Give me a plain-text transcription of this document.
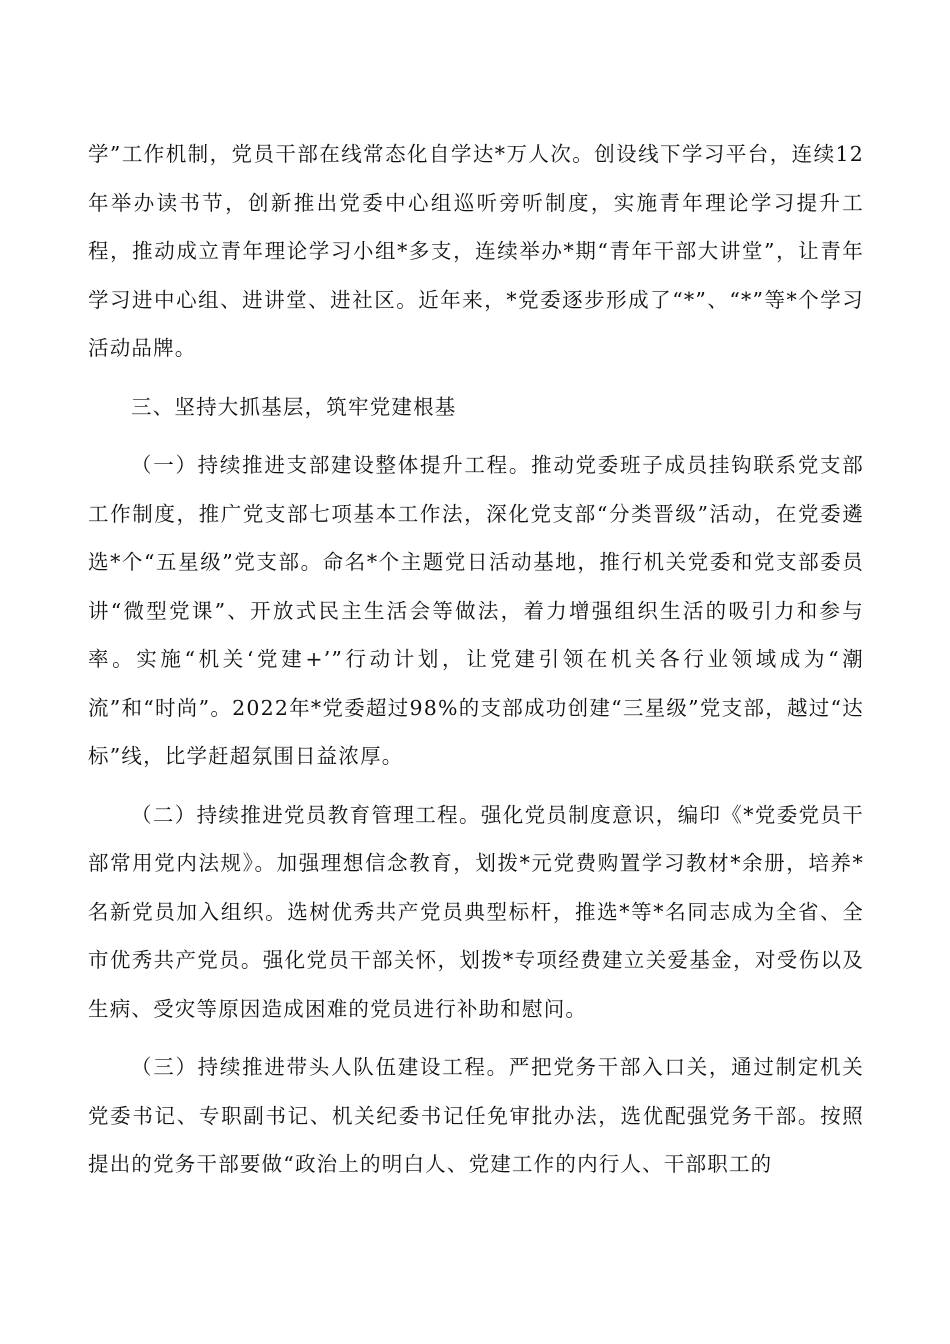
学”工作机制，党员干部在线常态化自学达*万人次。创设线下学习平台，连续12年举办读书节，创新推出党委中心组巡听旁听制度，实施青年理论学习提升工程，推动成立青年理论学习小组*多支，连续举办*期“青年干部大讲堂”，让青年学习进中心组、进讲堂、进社区。近年来，*党委逐步形成了“*”、“*”等*个学习活动品牌。

三、坚持大抓基层，筑牢党建根基

（一）持续推进支部建设整体提升工程。推动党委班子成员挂钩联系党支部工作制度，推广党支部七项基本工作法，深化党支部“分类晋级”活动，在党委遴选*个“五星级”党支部。命名*个主题党日活动基地，推行机关党委和党支部委员讲“微型党课”、开放式民主生活会等做法，着力增强组织生活的吸引力和参与率。实施“机关‘党建+’”行动计划，让党建引领在机关各行业领域成为“潮流”和“时尚”。2022年*党委超过98%的支部成功创建“三星级”党支部，越过“达标”线，比学赶超氛围日益浓厚。

（二）持续推进党员教育管理工程。强化党员制度意识，编印《*党委党员干部常用党内法规》。加强理想信念教育，划拨*元党费购置学习教材*余册，培养*名新党员加入组织。选树优秀共产党员典型标杆，推选*等*名同志成为全省、全市优秀共产党员。强化党员干部关怀，划拨*专项经费建立关爱基金，对受伤以及生病、受灾等原因造成困难的党员进行补助和慰问。

（三）持续推进带头人队伍建设工程。严把党务干部入口关，通过制定机关党委书记、专职副书记、机关纪委书记任免审批办法，选优配强党务干部。按照提出的党务干部要做“政治上的明白人、党建工作的内行人、干部职工的
